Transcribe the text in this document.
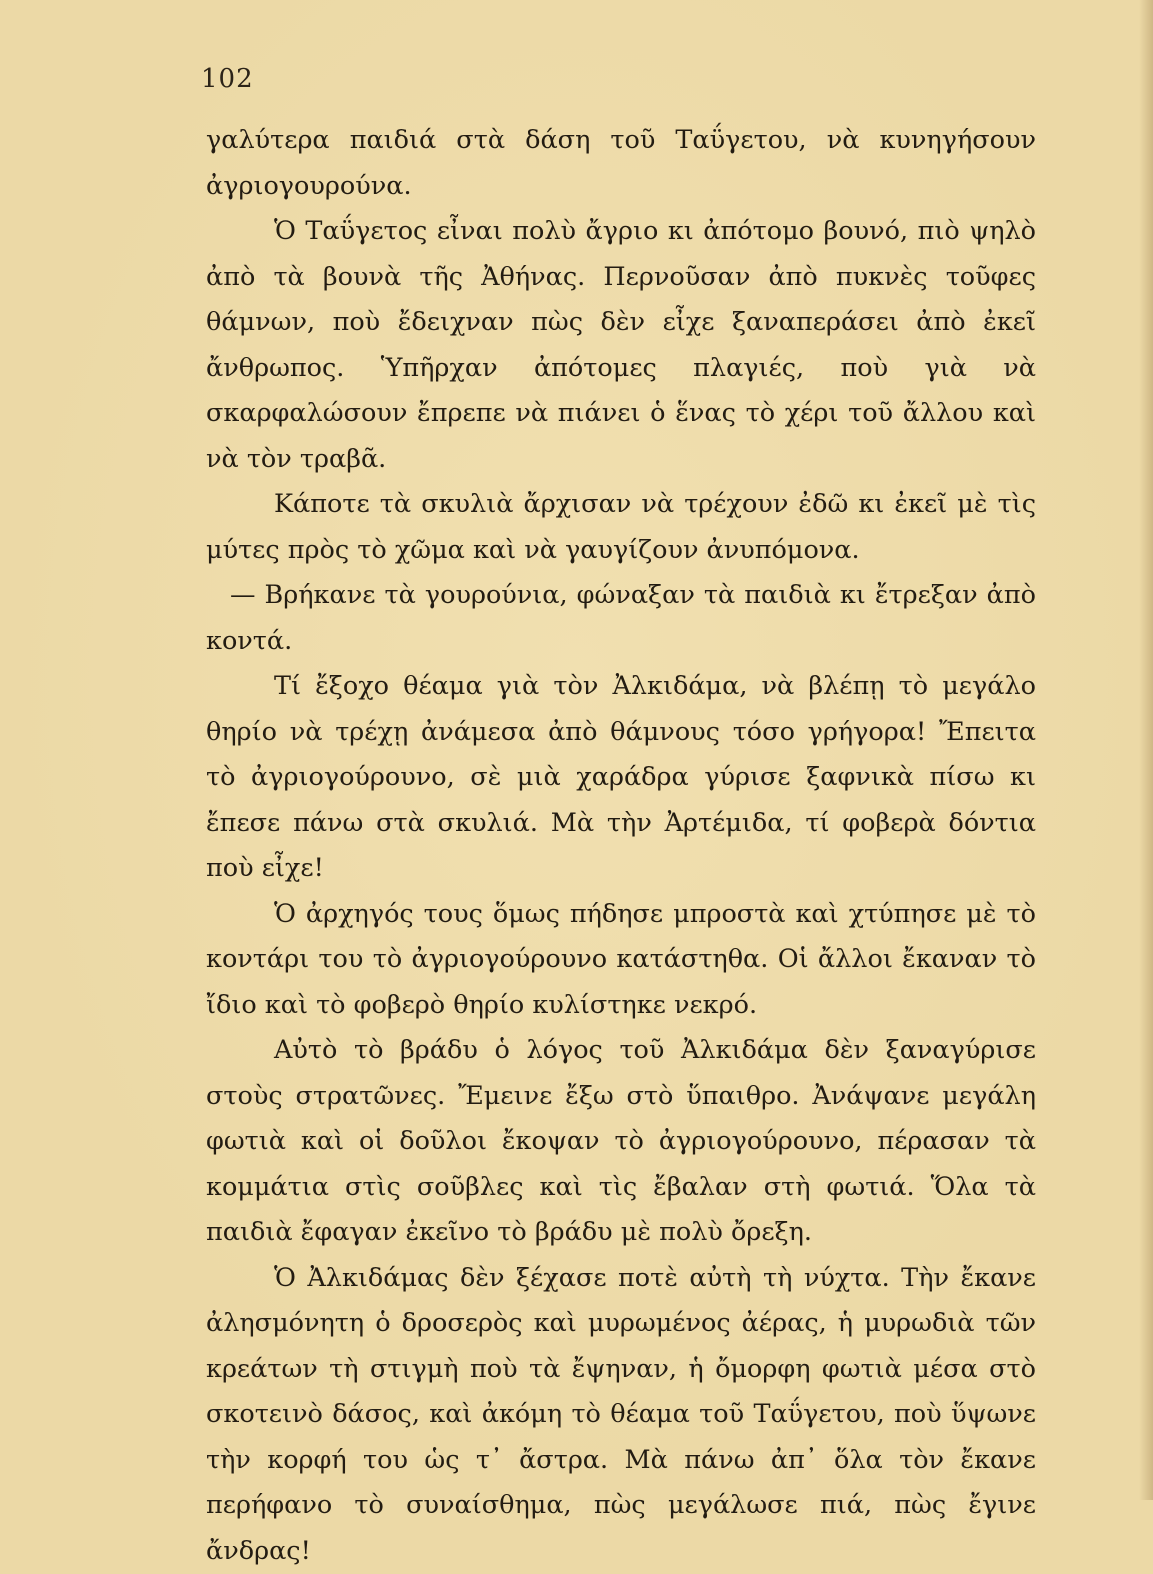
102

γαλύτερα παιδιά στὰ δάση τοῦ Ταΰγετου, νὰ κυνηγήσουν ἀγριογουρούνα.

Ὁ Ταΰγετος εἶναι πολὺ ἄγριο κι ἀπότομο βουνό, πιὸ ψηλὸ ἀπὸ τὰ βουνὰ τῆς Ἀθήνας. Περνοῦσαν ἀπὸ πυκνὲς τοῦφες θάμνων, ποὺ ἔδειχναν πὼς δὲν εἶχε ξαναπεράσει ἀπὸ ἐκεῖ ἄνθρωπος. Ὑπῆρχαν ἀπότομες πλαγιές, ποὺ γιὰ νὰ σκαρφαλώσουν ἔπρεπε νὰ πιάνει ὁ ἕνας τὸ χέρι τοῦ ἄλλου καὶ νὰ τὸν τραβᾶ.

Κάποτε τὰ σκυλιὰ ἄρχισαν νὰ τρέχουν ἐδῶ κι ἐκεῖ μὲ τὶς μύτες πρὸς τὸ χῶμα καὶ νὰ γαυγίζουν ἀνυπόμονα.

— Βρήκανε τὰ γουρούνια, φώναξαν τὰ παιδιὰ κι ἔτρεξαν ἀπὸ κοντά.

Τί ἔξοχο θέαμα γιὰ τὸν Ἀλκιδάμα, νὰ βλέπῃ τὸ μεγάλο θηρίο νὰ τρέχῃ ἀνάμεσα ἀπὸ θάμνους τόσο γρήγορα! Ἔπειτα τὸ ἀγριογούρουνο, σὲ μιὰ χαράδρα γύρισε ξαφνικὰ πίσω κι ἔπεσε πάνω στὰ σκυλιά. Μὰ τὴν Ἀρτέμιδα, τί φοβερὰ δόντια ποὺ εἶχε!

Ὁ ἀρχηγός τους ὅμως πήδησε μπροστὰ καὶ χτύπησε μὲ τὸ κοντάρι του τὸ ἀγριογούρουνο κατάστηθα. Οἱ ἄλλοι ἔκαναν τὸ ἴδιο καὶ τὸ φοβερὸ θηρίο κυλίστηκε νεκρό.

Αὐτὸ τὸ βράδυ ὁ λόγος τοῦ Ἀλκιδάμα δὲν ξαναγύρισε στοὺς στρατῶνες. Ἔμεινε ἔξω στὸ ὕπαιθρο. Ἀνάψανε μεγάλη φωτιὰ καὶ οἱ δοῦλοι ἔκοψαν τὸ ἀγριογούρουνο, πέρασαν τὰ κομμάτια στὶς σοῦβλες καὶ τὶς ἔβαλαν στὴ φωτιά. Ὅλα τὰ παιδιὰ ἔφαγαν ἐκεῖνο τὸ βράδυ μὲ πολὺ ὄρεξη.

Ὁ Ἀλκιδάμας δὲν ξέχασε ποτὲ αὐτὴ τὴ νύχτα. Τὴν ἔκανε ἀλησμόνητη ὁ δροσερὸς καὶ μυρωμένος ἀέρας, ἡ μυρωδιὰ τῶν κρεάτων τὴ στιγμὴ ποὺ τὰ ἔψηναν, ἡ ὄμορφη φωτιὰ μέσα στὸ σκοτεινὸ δάσος, καὶ ἀκόμη τὸ θέαμα τοῦ Ταΰγετου, ποὺ ὕψωνε τὴν κορφή του ὡς τ᾽ ἄστρα. Μὰ πάνω ἀπ᾽ ὅλα τὸν ἔκανε περήφανο τὸ συναίσθημα, πὼς μεγάλωσε πιά, πὼς ἔγινε ἄνδρας!
